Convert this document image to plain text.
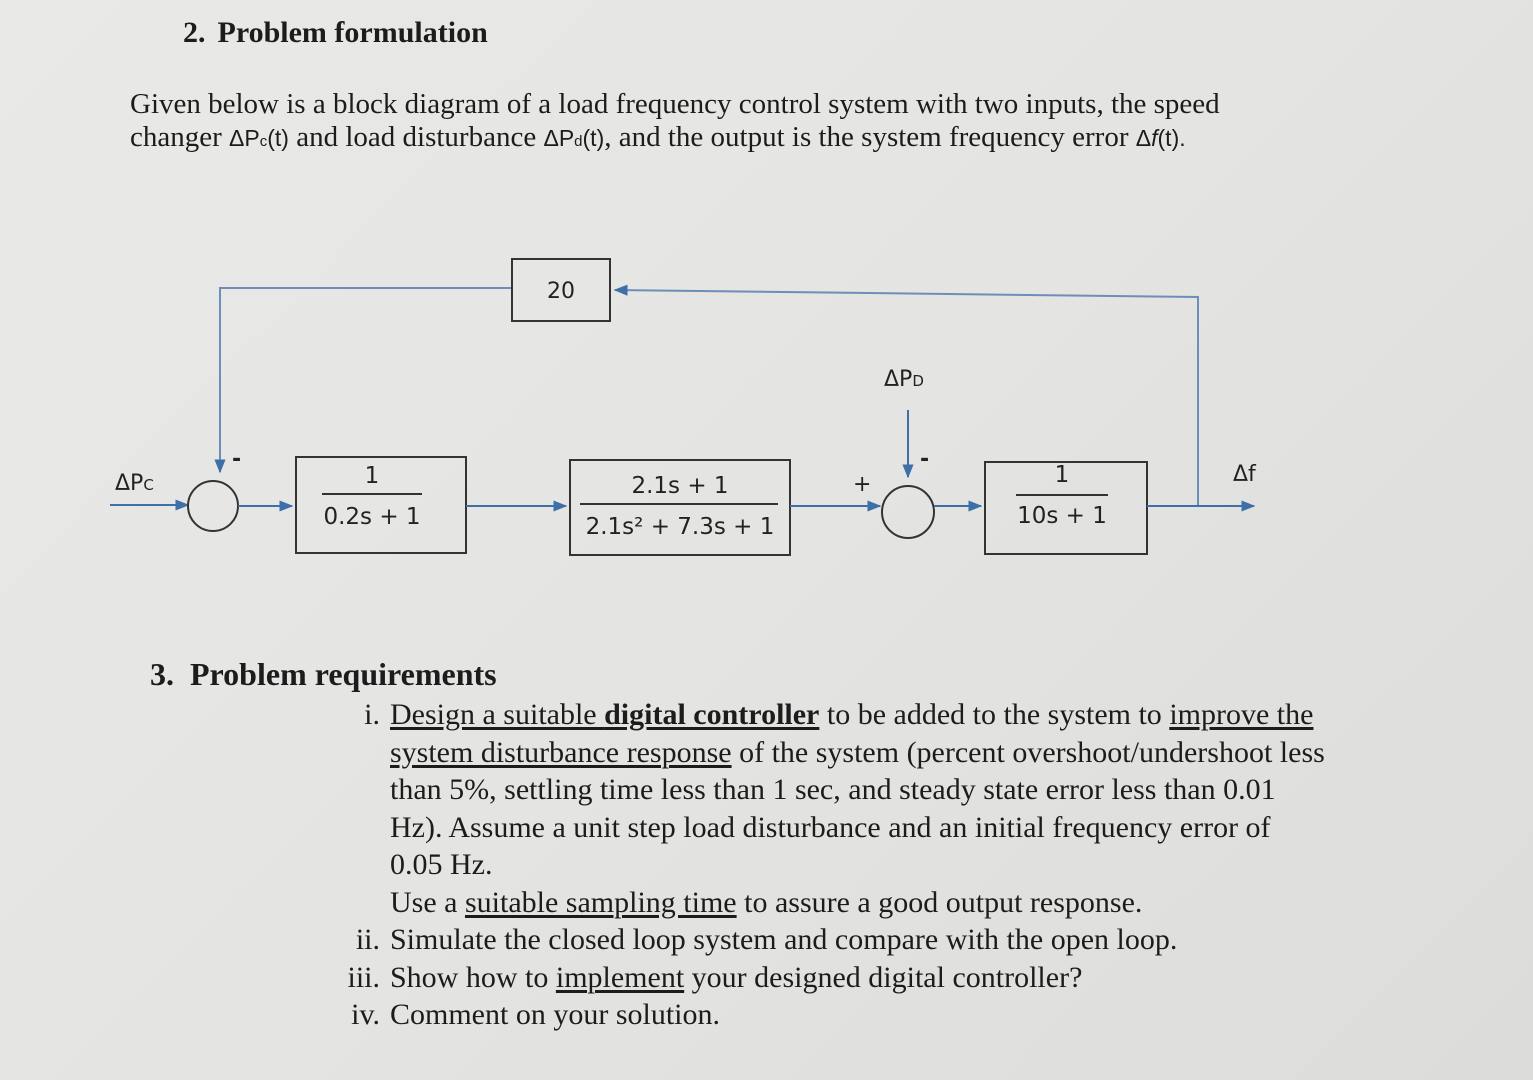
2. Problem formulation

Given below is a block diagram of a load frequency control system with two inputs, the speed

changer ΔPc(t) and load disturbance ΔPd(t), and the output is the system frequency error Δf(t).

ΔPC
-
20
1
0.2s + 1
2.1s + 1
2.1s² + 7.3s + 1
+
ΔPD
-
1
10s + 1
Δf
3. Problem requirements
i. Design a suitable digital controller to be added to the system to improve the
system disturbance response of the system (percent overshoot/undershoot less
than 5%, settling time less than 1 sec, and steady state error less than 0.01
Hz). Assume a unit step load disturbance and an initial frequency error of
0.05 Hz.
Use a suitable sampling time to assure a good output response.
ii. Simulate the closed loop system and compare with the open loop.
iii. Show how to implement your designed digital controller?
iv. Comment on your solution.
